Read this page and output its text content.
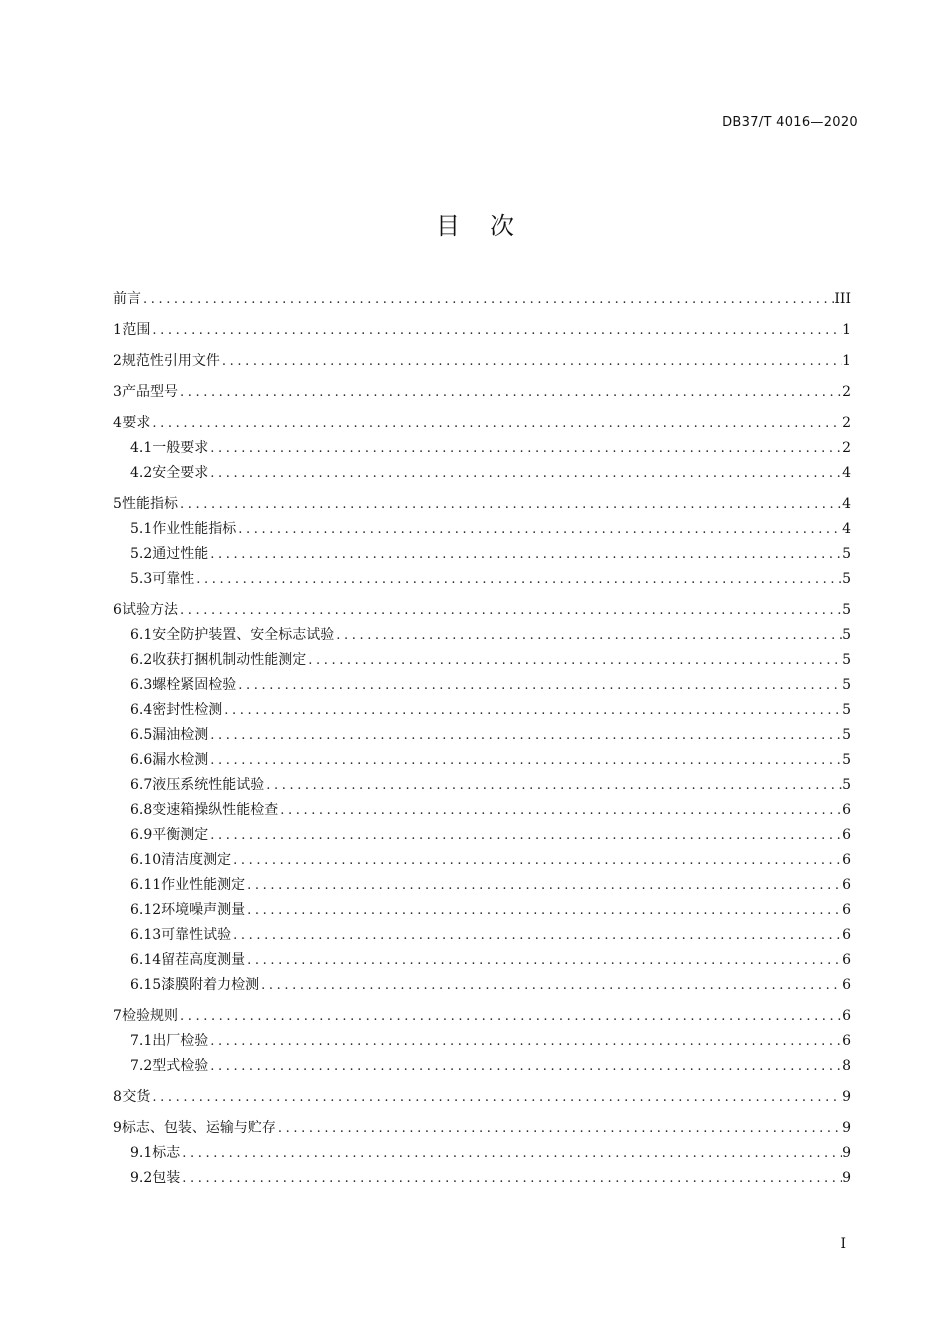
DB37/T 4016—2020
目次
前言 .....	III
1 范围 .....	1
2 规范性引用文件 .....	1
3 产品型号 .....	2
4 要求 .....	2
4.1 一般要求 .....	2
4.2 安全要求 .....	4
5 性能指标 .....	4
5.1 作业性能指标 .....	4
5.2 通过性能 .....	5
5.3 可靠性 .....	5
6 试验方法 .....	5
6.1 安全防护装置、安全标志试验 .....	5
6.2 收获打捆机制动性能测定 .....	5
6.3 螺栓紧固检验 .....	5
6.4 密封性检测 .....	5
6.5 漏油检测 .....	5
6.6 漏水检测 .....	5
6.7 液压系统性能试验 .....	5
6.8 变速箱操纵性能检查 .....	6
6.9 平衡测定 .....	6
6.10 清洁度测定 .....	6
6.11 作业性能测定 .....	6
6.12 环境噪声测量 .....	6
6.13 可靠性试验 .....	6
6.14 留茬高度测量 .....	6
6.15 漆膜附着力检测 .....	6
7 检验规则 .....	6
7.1 出厂检验 .....	6
7.2 型式检验 .....	8
8 交货 .....	9
9 标志、包装、运输与贮存 .....	9
9.1 标志 .....	9
9.2 包装 .....	9
I
